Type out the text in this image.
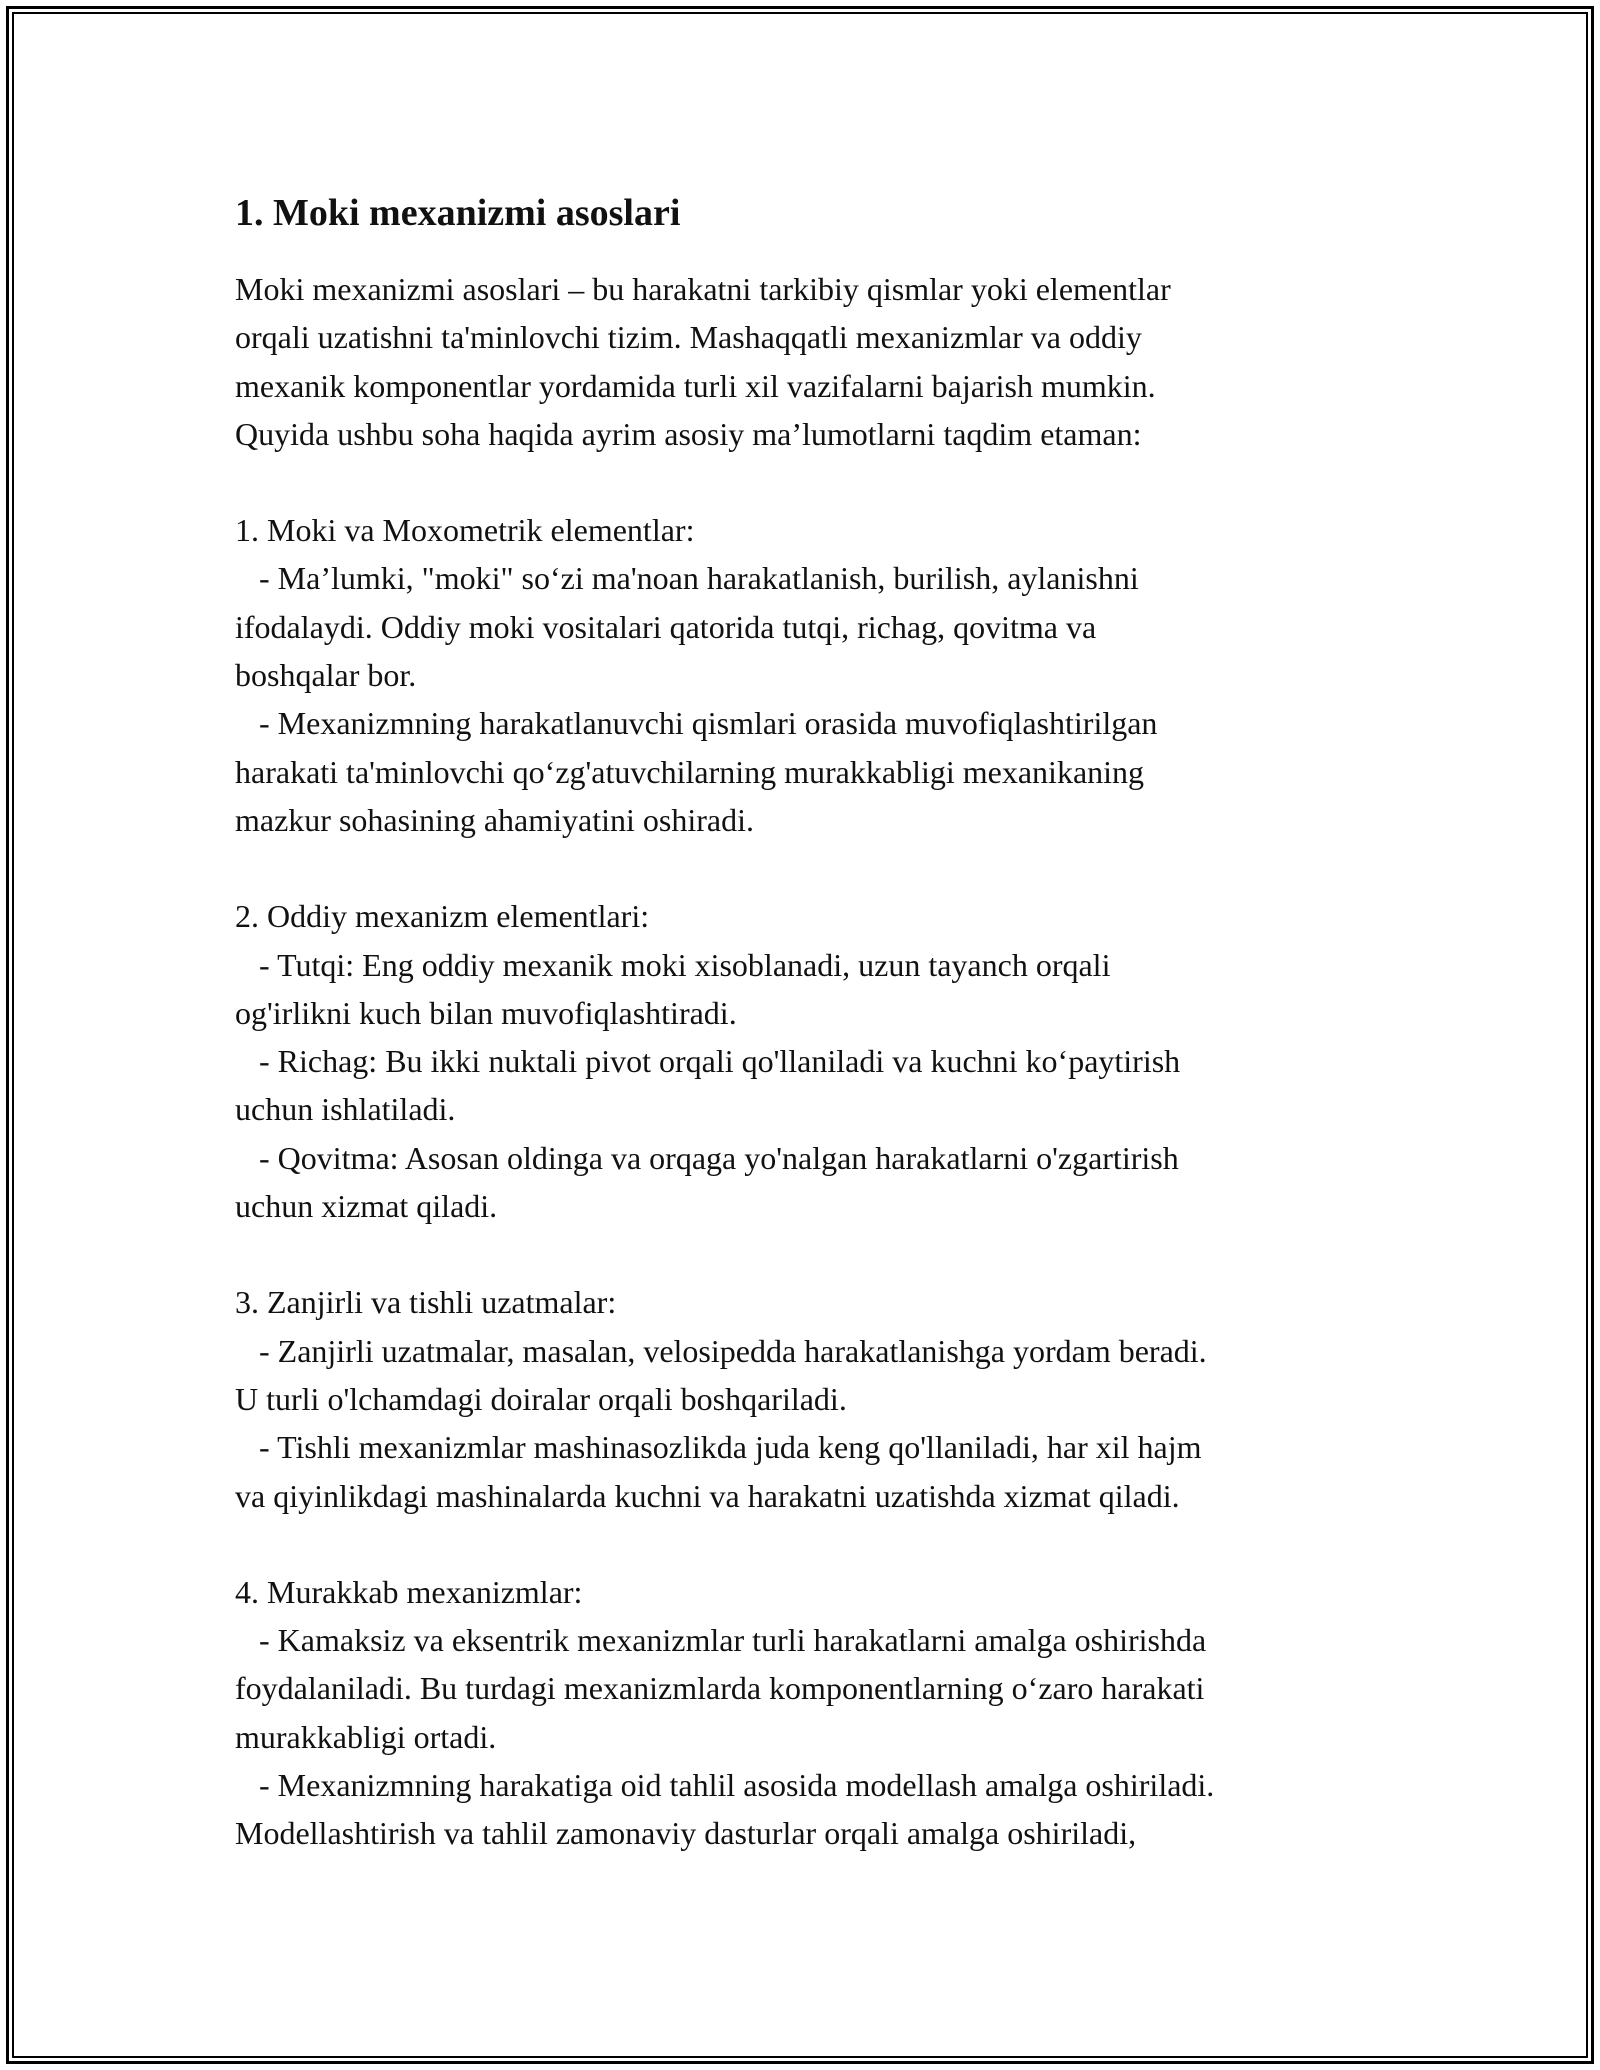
1. Moki mexanizmi asoslari

Moki mexanizmi asoslari – bu harakatni tarkibiy qismlar yoki elementlar

orqali uzatishni ta'minlovchi tizim. Mashaqqatli mexanizmlar va oddiy

mexanik komponentlar yordamida turli xil vazifalarni bajarish mumkin.

Quyida ushbu soha haqida ayrim asosiy ma’lumotlarni taqdim etaman:

1. Moki va Moxometrik elementlar:

- Ma’lumki, "moki" so‘zi ma'noan harakatlanish, burilish, aylanishni

ifodalaydi. Oddiy moki vositalari qatorida tutqi, richag, qovitma va

boshqalar bor.

- Mexanizmning harakatlanuvchi qismlari orasida muvofiqlashtirilgan

harakati ta'minlovchi qo‘zg'atuvchilarning murakkabligi mexanikaning

mazkur sohasining ahamiyatini oshiradi.

2. Oddiy mexanizm elementlari:

- Tutqi: Eng oddiy mexanik moki xisoblanadi, uzun tayanch orqali

og'irlikni kuch bilan muvofiqlashtiradi.

- Richag: Bu ikki nuktali pivot orqali qo'llaniladi va kuchni ko‘paytirish

uchun ishlatiladi.

- Qovitma: Asosan oldinga va orqaga yo'nalgan harakatlarni o'zgartirish

uchun xizmat qiladi.

3. Zanjirli va tishli uzatmalar:

- Zanjirli uzatmalar, masalan, velosipedda harakatlanishga yordam beradi.

U turli o'lchamdagi doiralar orqali boshqariladi.

- Tishli mexanizmlar mashinasozlikda juda keng qo'llaniladi, har xil hajm

va qiyinlikdagi mashinalarda kuchni va harakatni uzatishda xizmat qiladi.

4. Murakkab mexanizmlar:

- Kamaksiz va eksentrik mexanizmlar turli harakatlarni amalga oshirishda

foydalaniladi. Bu turdagi mexanizmlarda komponentlarning o‘zaro harakati

murakkabligi ortadi.

- Mexanizmning harakatiga oid tahlil asosida modellash amalga oshiriladi.

Modellashtirish va tahlil zamonaviy dasturlar orqali amalga oshiriladi,
